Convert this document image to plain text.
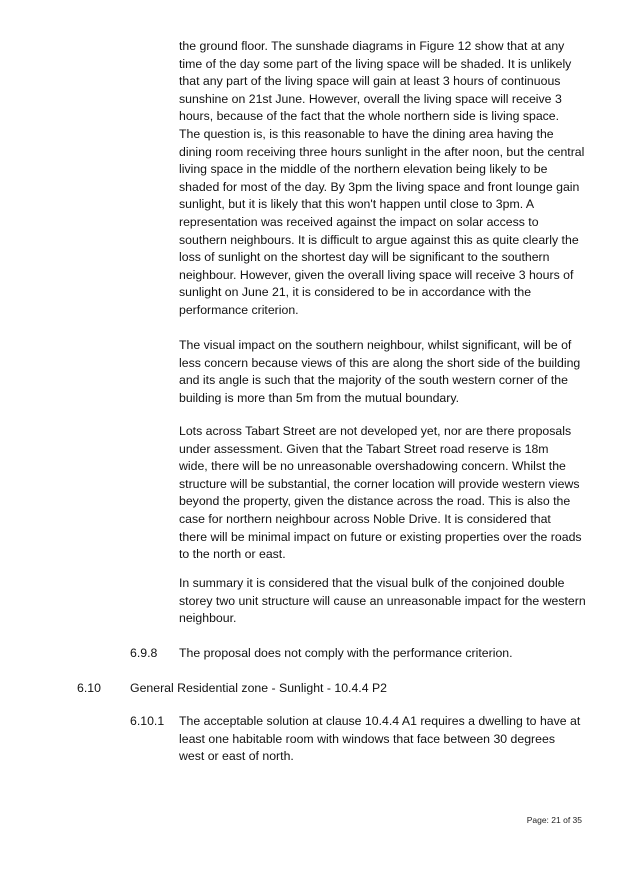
the ground floor. The sunshade diagrams in Figure 12 show that at any
time of the day some part of the living space will be shaded. It is unlikely
that any part of the living space will gain at least 3 hours of continuous
sunshine on 21st June. However, overall the living space will receive 3
hours, because of the fact that the whole northern side is living space.
The question is, is this reasonable to have the dining area having the
dining room receiving three hours sunlight in the after noon, but the central
living space in the middle of the northern elevation being likely to be
shaded for most of the day. By 3pm the living space and front lounge gain
sunlight, but it is likely that this won't happen until close to 3pm. A
representation was received against the impact on solar access to
southern neighbours. It is difficult to argue against this as quite clearly the
loss of sunlight on the shortest day will be significant to the southern
neighbour. However, given the overall living space will receive 3 hours of
sunlight on June 21, it is considered to be in accordance with the
performance criterion.

The visual impact on the southern neighbour, whilst significant, will be of
less concern because views of this are along the short side of the building
and its angle is such that the majority of the south western corner of the
building is more than 5m from the mutual boundary.

Lots across Tabart Street are not developed yet, nor are there proposals
under assessment. Given that the Tabart Street road reserve is 18m
wide, there will be no unreasonable overshadowing concern. Whilst the
structure will be substantial, the corner location will provide western views
beyond the property, given the distance across the road. This is also the
case for northern neighbour across Noble Drive. It is considered that
there will be minimal impact on future or existing properties over the roads
to the north or east.

In summary it is considered that the visual bulk of the conjoined double
storey two unit structure will cause an unreasonable impact for the western
neighbour.

6.9.8 The proposal does not comply with the performance criterion.

6.10 General Residential zone - Sunlight - 10.4.4 P2

6.10.1 The acceptable solution at clause 10.4.4 A1 requires a dwelling to have at
least one habitable room with windows that face between 30 degrees
west or east of north.

Page: 21 of 35
